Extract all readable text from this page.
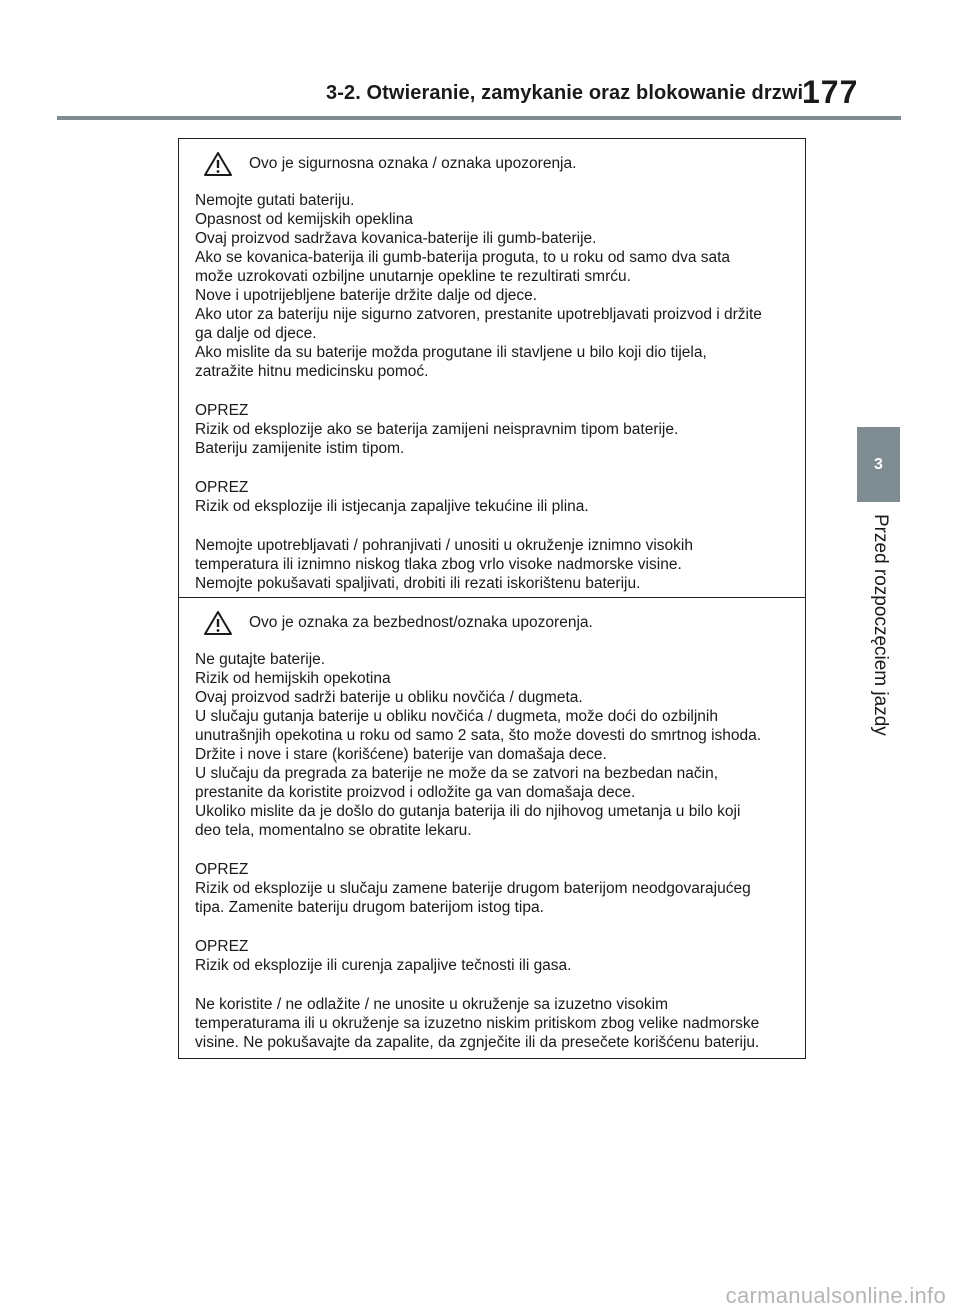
3-2. Otwieranie, zamykanie oraz blokowanie drzwi
177
3
Przed rozpoczęciem jazdy
Ovo je sigurnosna oznaka / oznaka upozorenja.
Nemojte gutati bateriju.
Opasnost od kemijskih opeklina
Ovaj proizvod sadržava kovanica-baterije ili gumb-baterije.
Ako se kovanica-baterija ili gumb-baterija proguta, to u roku od samo dva sata
može uzrokovati ozbiljne unutarnje opekline te rezultirati smrću.
Nove i upotrijebljene baterije držite dalje od djece.
Ako utor za bateriju nije sigurno zatvoren, prestanite upotrebljavati proizvod i držite
ga dalje od djece.
Ako mislite da su baterije možda progutane ili stavljene u bilo koji dio tijela,
zatražite hitnu medicinsku pomoć.
OPREZ
Rizik od eksplozije ako se baterija zamijeni neispravnim tipom baterije.
Bateriju zamijenite istim tipom.
OPREZ
Rizik od eksplozije ili istjecanja zapaljive tekućine ili plina.
Nemojte upotrebljavati / pohranjivati / unositi u okruženje iznimno visokih
temperatura ili iznimno niskog tlaka zbog vrlo visoke nadmorske visine.
Nemojte pokušavati spaljivati, drobiti ili rezati iskorištenu bateriju.
Ovo je oznaka za bezbednost/oznaka upozorenja.
Ne gutajte baterije.
Rizik od hemijskih opekotina
Ovaj proizvod sadrži baterije u obliku novčića / dugmeta.
U slučaju gutanja baterije u obliku novčića / dugmeta, može doći do ozbiljnih
unutrašnjih opekotina u roku od samo 2 sata, što može dovesti do smrtnog ishoda.
Držite i nove i stare (korišćene) baterije van domašaja dece.
U slučaju da pregrada za baterije ne može da se zatvori na bezbedan način,
prestanite da koristite proizvod i odložite ga van domašaja dece.
Ukoliko mislite da je došlo do gutanja baterija ili do njihovog umetanja u bilo koji
deo tela, momentalno se obratite lekaru.
OPREZ
Rizik od eksplozije u slučaju zamene baterije drugom baterijom neodgovarajućeg
tipa. Zamenite bateriju drugom baterijom istog tipa.
OPREZ
Rizik od eksplozije ili curenja zapaljive tečnosti ili gasa.
Ne koristite / ne odlažite / ne unosite u okruženje sa izuzetno visokim
temperaturama ili u okruženje sa izuzetno niskim pritiskom zbog velike nadmorske
visine. Ne pokušavajte da zapalite, da zgnječite ili da presečete korišćenu bateriju.
carmanualsonline.info
